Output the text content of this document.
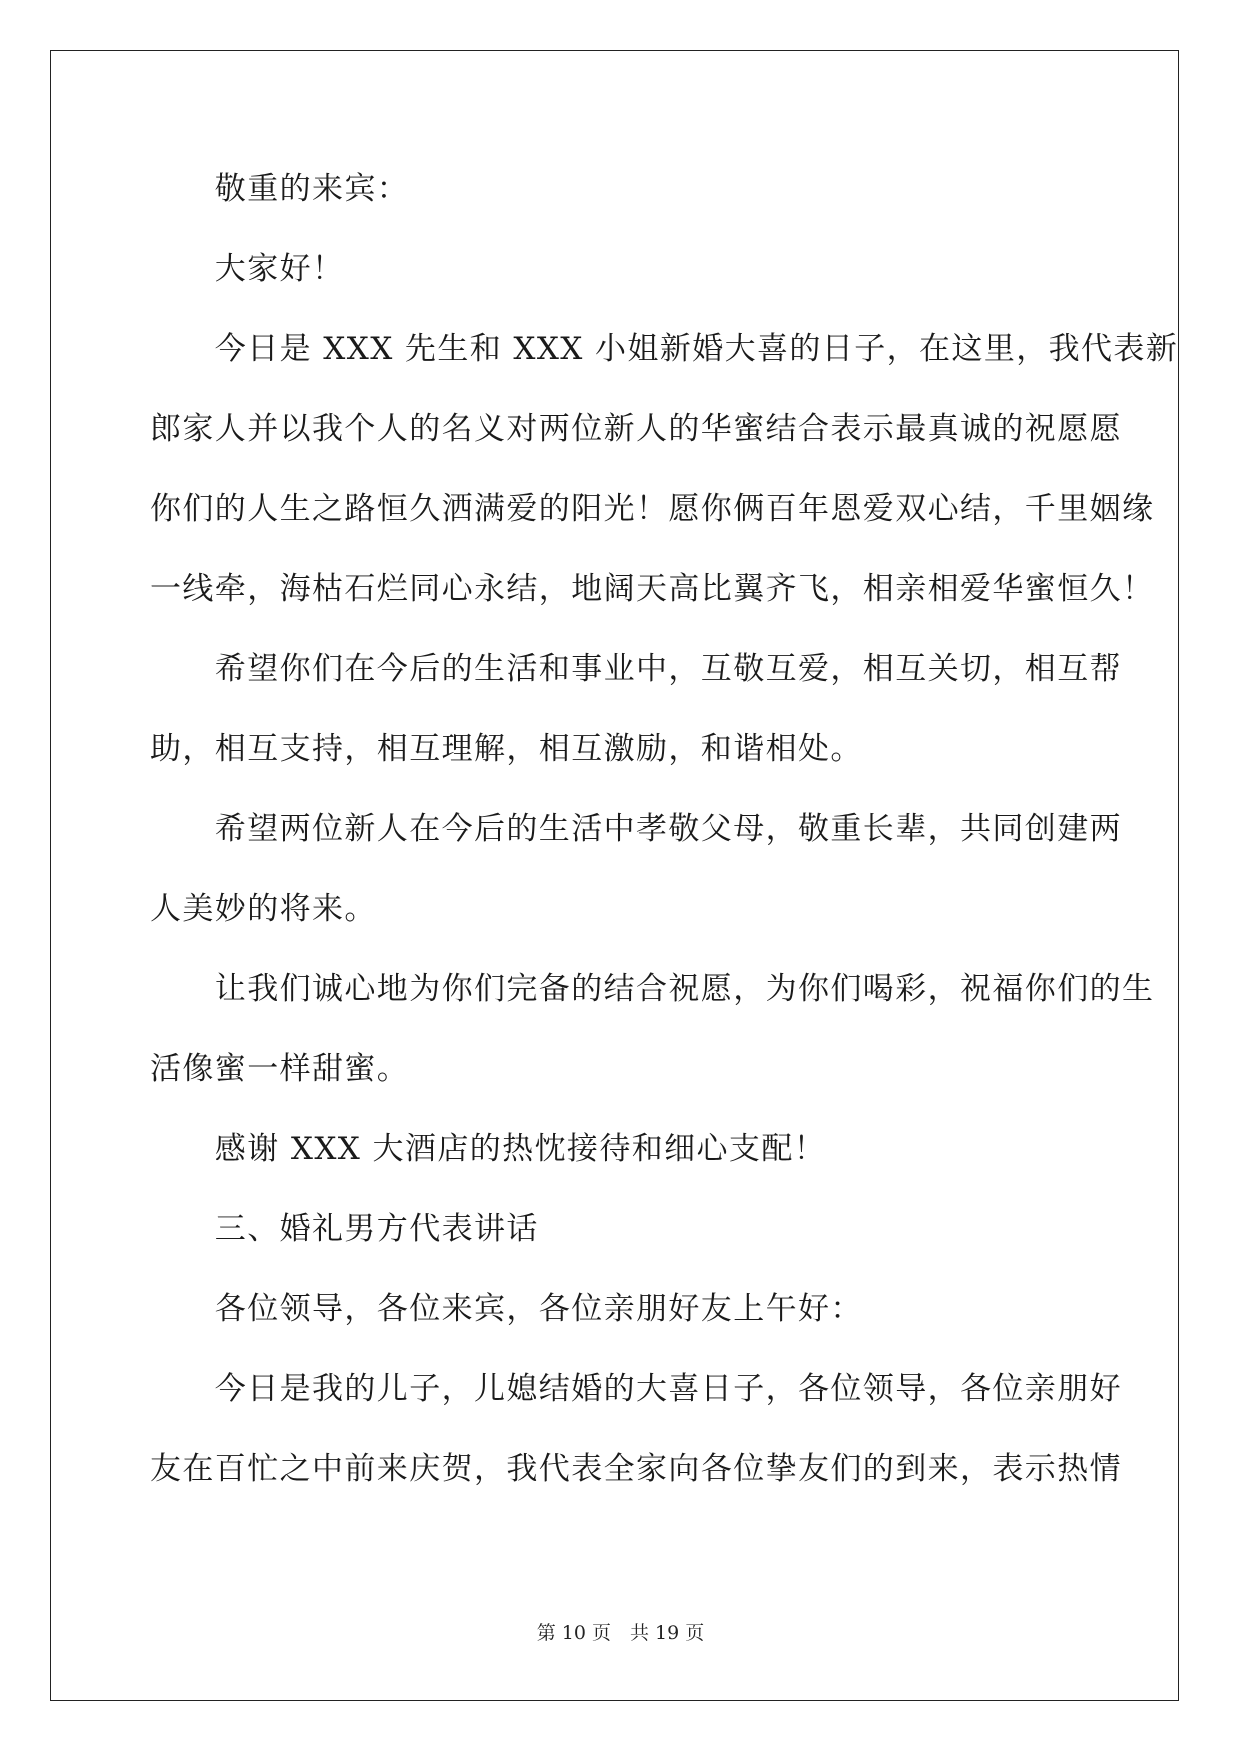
　　敬重的来宾：
　　大家好！
　　今日是 XXX 先生和 XXX 小姐新婚大喜的日子，在这里，我代表新
郎家人并以我个人的名义对两位新人的华蜜结合表示最真诚的祝愿愿
你们的人生之路恒久洒满爱的阳光！愿你俩百年恩爱双心结，千里姻缘
一线牵，海枯石烂同心永结，地阔天高比翼齐飞，相亲相爱华蜜恒久！
　　希望你们在今后的生活和事业中，互敬互爱，相互关切，相互帮
助，相互支持，相互理解，相互激励，和谐相处。
　　希望两位新人在今后的生活中孝敬父母，敬重长辈，共同创建两
人美妙的将来。
　　让我们诚心地为你们完备的结合祝愿，为你们喝彩，祝福你们的生
活像蜜一样甜蜜。
　　感谢 XXX 大酒店的热忱接待和细心支配！
　　三、婚礼男方代表讲话
　　各位领导，各位来宾，各位亲朋好友上午好：
　　今日是我的儿子，儿媳结婚的大喜日子，各位领导，各位亲朋好
友在百忙之中前来庆贺，我代表全家向各位挚友们的到来，表示热情
第 10 页　共 19 页
